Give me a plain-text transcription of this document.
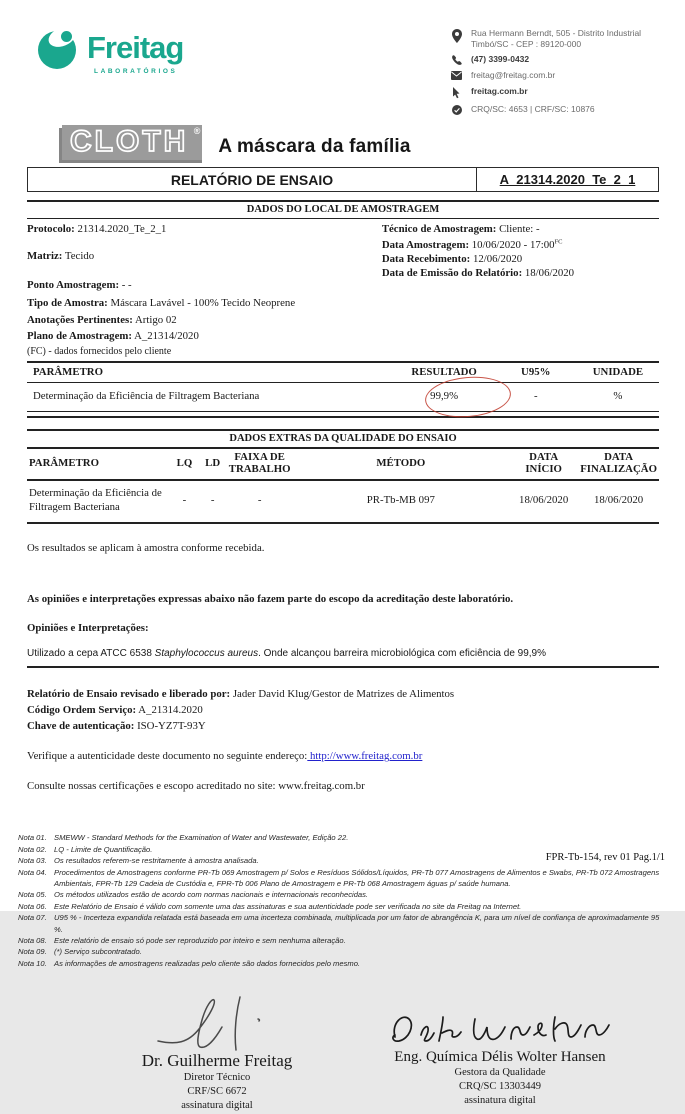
Freitag
LABORATÓRIOS
Rua Hermann Berndt, 505 - Distrito Industrial
Timbó/SC - CEP : 89120-000
(47) 3399-0432
freitag@freitag.com.br
freitag.com.br
CRQ/SC: 4653 | CRF/SC: 10876
CLOTH ®
A máscara da família
RELATÓRIO DE ENSAIO	A_21314.2020_Te_2_1
DADOS DO LOCAL DE AMOSTRAGEM
Protocolo: 21314.2020_Te_2_1
Matriz: Tecido
Ponto Amostragem: - -
Tipo de Amostra: Máscara Lavável - 100% Tecido Neoprene
Anotações Pertinentes: Artigo 02
Plano de Amostragem: A_21314/2020
(FC) - dados fornecidos pelo cliente
Técnico de Amostragem: Cliente: -
Data Amostragem: $10/06/2020 - 17:00^{FC}$
Data Recebimento: 12/06/2020
Data de Emissão do Relatório: 18/06/2020
PARÂMETRO	RESULTADO	U95%	UNIDADE
Determinação da Eficiência de Filtragem Bacteriana	99,9%	-	%
DADOS EXTRAS DA QUALIDADE DO ENSAIO
PARÂMETRO	LQ	LD	FAIXA DE TRABALHO	MÉTODO	DATA INÍCIO	DATA FINALIZAÇÃO
Determinação da Eficiência de Filtragem Bacteriana	-	-	-	PR-Tb-MB 097	18/06/2020	18/06/2020
Os resultados se aplicam à amostra conforme recebida.
As opiniões e interpretações expressas abaixo não fazem parte do escopo da acreditação deste laboratório.
Opiniões e Interpretações:
Utilizado a cepa ATCC 6538 Staphylococcus aureus. Onde alcançou barreira microbiológica com eficiência de 99,9%
Relatório de Ensaio revisado e liberado por: Jader David Klug/Gestor de Matrizes de Alimentos
Código Ordem Serviço: A_21314.2020
Chave de autenticação: ISO-YZ7T-93Y
Verifique a autenticidade deste documento no seguinte endereço: http://www.freitag.com.br
Consulte nossas certificações e escopo acreditado no site: www.freitag.com.br
FPR-Tb-154, rev 01 Pag.1/1
Nota 01. SMEWW - Standard Methods for the Examination of Water and Wastewater, Edição 22.
Nota 02. LQ - Limite de Quantificação.
Nota 03. Os resultados referem-se restritamente à amostra analisada.
Nota 04. Procedimentos de Amostragens conforme PR-Tb 069 Amostragem p/ Solos e Resíduos Sólidos/Líquidos, PR-Tb 077 Amostragens de Alimentos e Swabs, PR-Tb 072 Amostragens Ambientais, FPR-Tb 129 Cadeia de Custódia e, FPR-Tb 006 Plano de Amostragem e PR-Tb 068 Amostragem águas p/ saúde humana.
Nota 05. Os métodos utilizados estão de acordo com normas nacionais e internacionais reconhecidas.
Nota 06. Este Relatório de Ensaio é válido com somente uma das assinaturas e sua autenticidade pode ser verificada no site da Freitag na Internet.
Nota 07. U95 % - Incerteza expandida relatada está baseada em uma incerteza combinada, multiplicada por um fator de abrangência K, para um nível de confiança de aproximadamente 95 %.
Nota 08. Este relatório de ensaio só pode ser reproduzido por inteiro e sem nenhuma alteração.
Nota 09. (*) Serviço subcontratado.
Nota 10. As informações de amostragens realizadas pelo cliente são dados fornecidos pelo mesmo.
Dr. Guilherme Freitag
Diretor Técnico
CRF/SC 6672
assinatura digital
Eng. Química Délis Wolter Hansen
Gestora da Qualidade
CRQ/SC 13303449
assinatura digital
